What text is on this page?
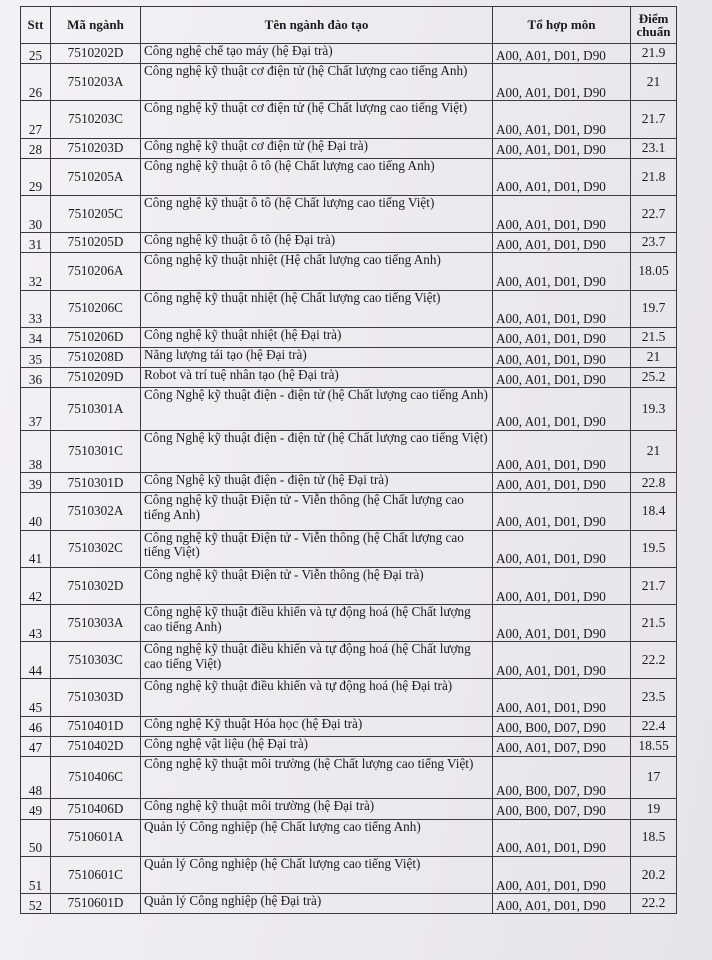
Stt	Mã ngành	Tên ngành đào tạo	Tổ hợp môn	Điểm chuẩn
25	7510202D	Công nghệ chế tạo máy (hệ Đại trà)	A00, A01, D01, D90	21.9
26	7510203A	Công nghệ kỹ thuật cơ điện tử (hệ Chất lượng cao tiếng Anh)	A00, A01, D01, D90	21
27	7510203C	Công nghệ kỹ thuật cơ điện tử (hệ Chất lượng cao tiếng Việt)	A00, A01, D01, D90	21.7
28	7510203D	Công nghệ kỹ thuật cơ điện tử (hệ Đại trà)	A00, A01, D01, D90	23.1
29	7510205A	Công nghệ kỹ thuật ô tô (hệ Chất lượng cao tiếng Anh)	A00, A01, D01, D90	21.8
30	7510205C	Công nghệ kỹ thuật ô tô (hệ Chất lượng cao tiếng Việt)	A00, A01, D01, D90	22.7
31	7510205D	Công nghệ kỹ thuật ô tô (hệ Đại trà)	A00, A01, D01, D90	23.7
32	7510206A	Công nghệ kỹ thuật nhiệt (Hệ chất lượng cao tiếng Anh)	A00, A01, D01, D90	18.05
33	7510206C	Công nghệ kỹ thuật nhiệt (hệ Chất lượng cao tiếng Việt)	A00, A01, D01, D90	19.7
34	7510206D	Công nghệ kỹ thuật nhiệt (hệ Đại trà)	A00, A01, D01, D90	21.5
35	7510208D	Năng lượng tái tạo (hệ Đại trà)	A00, A01, D01, D90	21
36	7510209D	Robot và trí tuệ nhân tạo (hệ Đại trà)	A00, A01, D01, D90	25.2
37	7510301A	Công Nghệ kỹ thuật điện - điện tử (hệ Chất lượng cao tiếng Anh)	A00, A01, D01, D90	19.3
38	7510301C	Công Nghệ kỹ thuật điện - điện tử (hệ Chất lượng cao tiếng Việt)	A00, A01, D01, D90	21
39	7510301D	Công Nghệ kỹ thuật điện - điện tử (hệ Đại trà)	A00, A01, D01, D90	22.8
40	7510302A	Công nghệ kỹ thuật Điện tử - Viễn thông (hệ Chất lượng cao tiếng Anh)	A00, A01, D01, D90	18.4
41	7510302C	Công nghệ kỹ thuật Điện tử - Viễn thông (hệ Chất lượng cao tiếng Việt)	A00, A01, D01, D90	19.5
42	7510302D	Công nghệ kỹ thuật Điện tử - Viễn thông (hệ Đại trà)	A00, A01, D01, D90	21.7
43	7510303A	Công nghệ kỹ thuật điều khiển và tự động hoá (hệ Chất lượng cao tiếng Anh)	A00, A01, D01, D90	21.5
44	7510303C	Công nghệ kỹ thuật điều khiển và tự động hoá (hệ Chất lượng cao tiếng Việt)	A00, A01, D01, D90	22.2
45	7510303D	Công nghệ kỹ thuật điều khiển và tự động hoá (hệ Đại trà)	A00, A01, D01, D90	23.5
46	7510401D	Công nghệ Kỹ thuật Hóa học (hệ Đại trà)	A00, B00, D07, D90	22.4
47	7510402D	Công nghệ vật liệu (hệ Đại trà)	A00, A01, D07, D90	18.55
48	7510406C	Công nghệ kỹ thuật môi trường (hệ Chất lượng cao tiếng Việt)	A00, B00, D07, D90	17
49	7510406D	Công nghệ kỹ thuật môi trường (hệ Đại trà)	A00, B00, D07, D90	19
50	7510601A	Quản lý Công nghiệp (hệ Chất lượng cao tiếng Anh)	A00, A01, D01, D90	18.5
51	7510601C	Quản lý Công nghiệp (hệ Chất lượng cao tiếng Việt)	A00, A01, D01, D90	20.2
52	7510601D	Quản lý Công nghiệp (hệ Đại trà)	A00, A01, D01, D90	22.2
